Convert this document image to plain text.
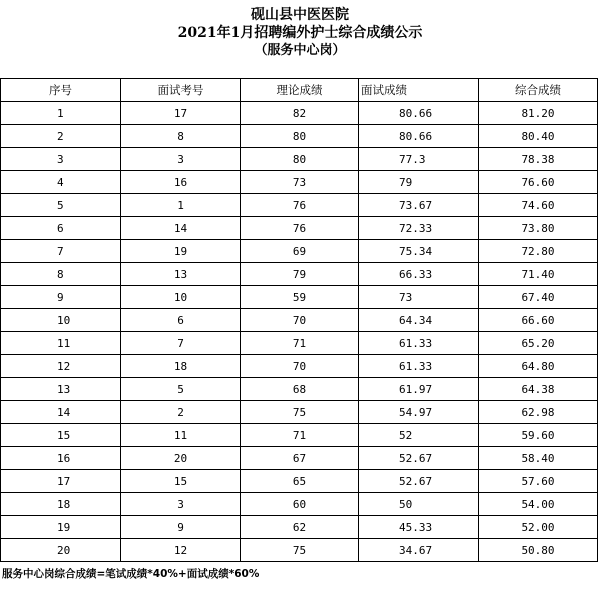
砚山县中医医院
2021年1月招聘编外护士综合成绩公示
（服务中心岗）
序号	面试考号	理论成绩	面试成绩	综合成绩
1	17	82	80.66	81.20
2	8	80	80.66	80.40
3	3	80	77.3	78.38
4	16	73	79	76.60
5	1	76	73.67	74.60
6	14	76	72.33	73.80
7	19	69	75.34	72.80
8	13	79	66.33	71.40
9	10	59	73	67.40
10	6	70	64.34	66.60
11	7	71	61.33	65.20
12	18	70	61.33	64.80
13	5	68	61.97	64.38
14	2	75	54.97	62.98
15	11	71	52	59.60
16	20	67	52.67	58.40
17	15	65	52.67	57.60
18	3	60	50	54.00
19	9	62	45.33	52.00
20	12	75	34.67	50.80
服务中心岗综合成绩=笔试成绩*40%+面试成绩*60%
